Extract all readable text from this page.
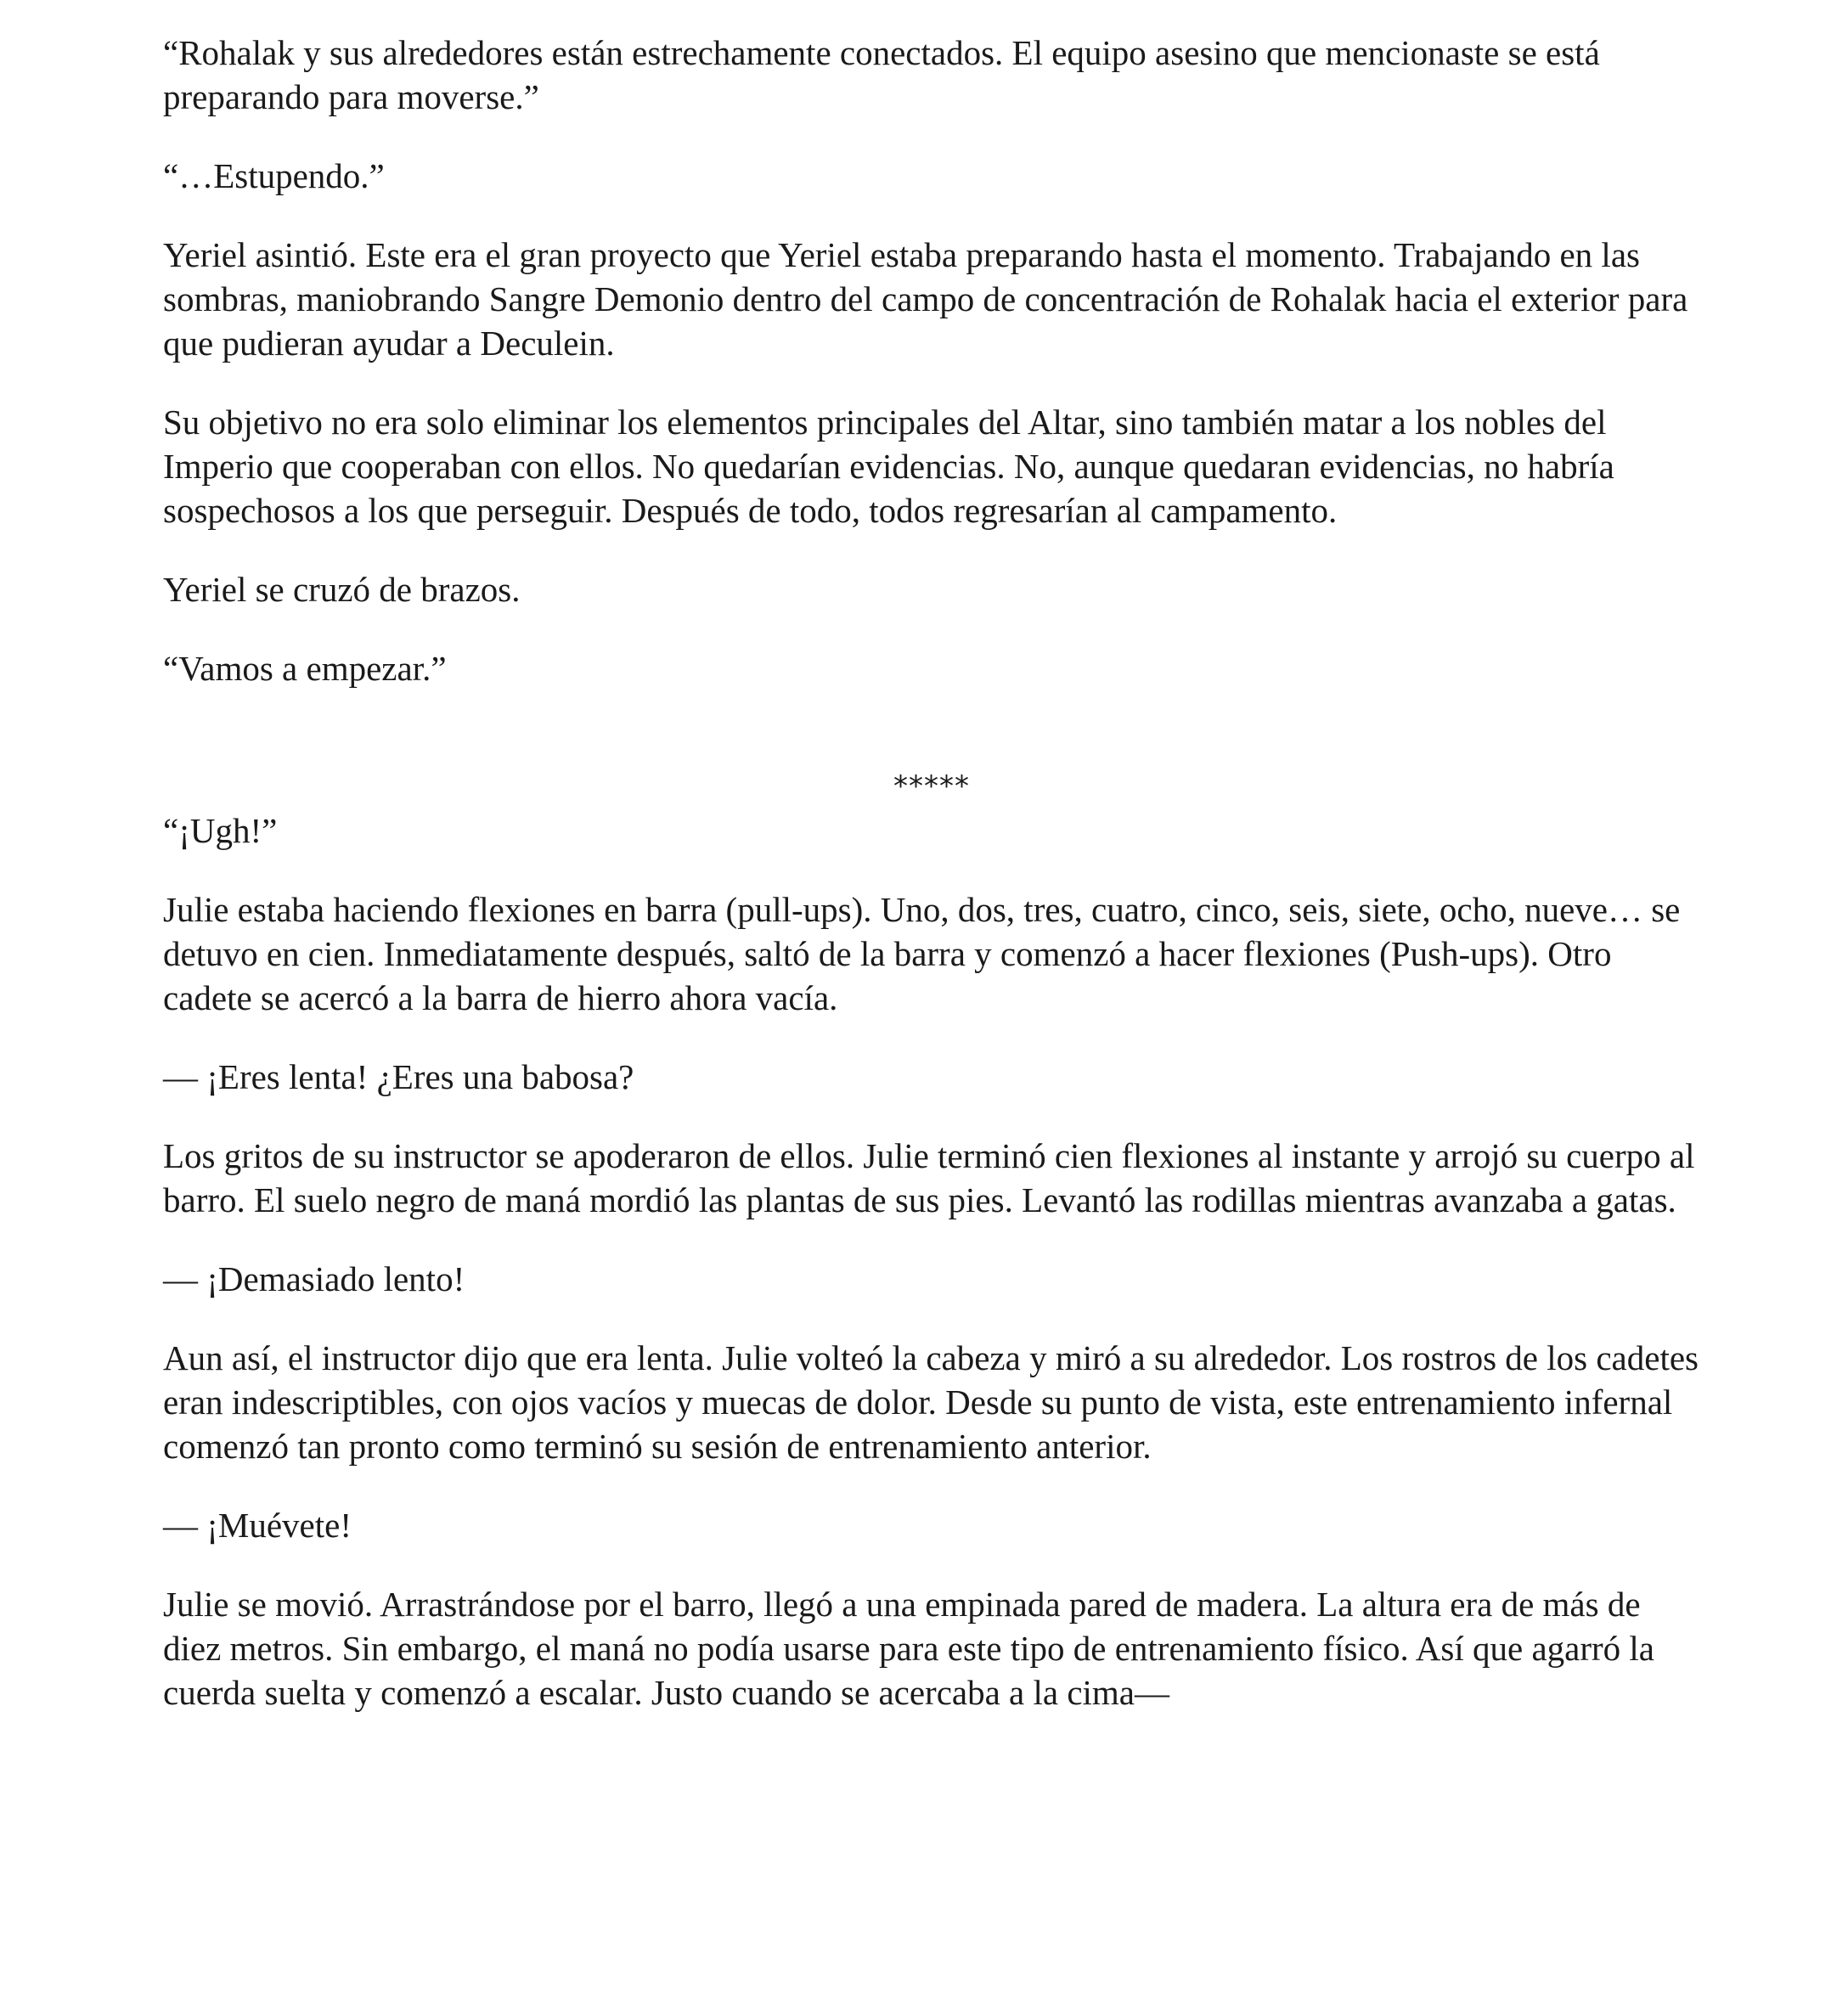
“Rohalak y sus alrededores están estrechamente conectados. El equipo asesino que mencionaste se está preparando para moverse.”

“…Estupendo.”

Yeriel asintió. Este era el gran proyecto que Yeriel estaba preparando hasta el momento. Trabajando en las sombras, maniobrando Sangre Demonio dentro del campo de concentración de Rohalak hacia el exterior para que pudieran ayudar a Deculein.

Su objetivo no era solo eliminar los elementos principales del Altar, sino también matar a los nobles del Imperio que cooperaban con ellos. No quedarían evidencias. No, aunque quedaran evidencias, no habría sospechosos a los que perseguir. Después de todo, todos regresarían al campamento.

Yeriel se cruzó de brazos.

“Vamos a empezar.”

*****

“¡Ugh!”

Julie estaba haciendo flexiones en barra (pull-ups). Uno, dos, tres, cuatro, cinco, seis, siete, ocho, nueve… se detuvo en cien. Inmediatamente después, saltó de la barra y comenzó a hacer flexiones (Push-ups). Otro cadete se acercó a la barra de hierro ahora vacía.

— ¡Eres lenta! ¿Eres una babosa?

Los gritos de su instructor se apoderaron de ellos. Julie terminó cien flexiones al instante y arrojó su cuerpo al barro. El suelo negro de maná mordió las plantas de sus pies. Levantó las rodillas mientras avanzaba a gatas.

— ¡Demasiado lento!

Aun así, el instructor dijo que era lenta. Julie volteó la cabeza y miró a su alrededor. Los rostros de los cadetes eran indescriptibles, con ojos vacíos y muecas de dolor. Desde su punto de vista, este entrenamiento infernal comenzó tan pronto como terminó su sesión de entrenamiento anterior.

— ¡Muévete!

Julie se movió. Arrastrándose por el barro, llegó a una empinada pared de madera. La altura era de más de diez metros. Sin embargo, el maná no podía usarse para este tipo de entrenamiento físico. Así que agarró la cuerda suelta y comenzó a escalar. Justo cuando se acercaba a la cima—
